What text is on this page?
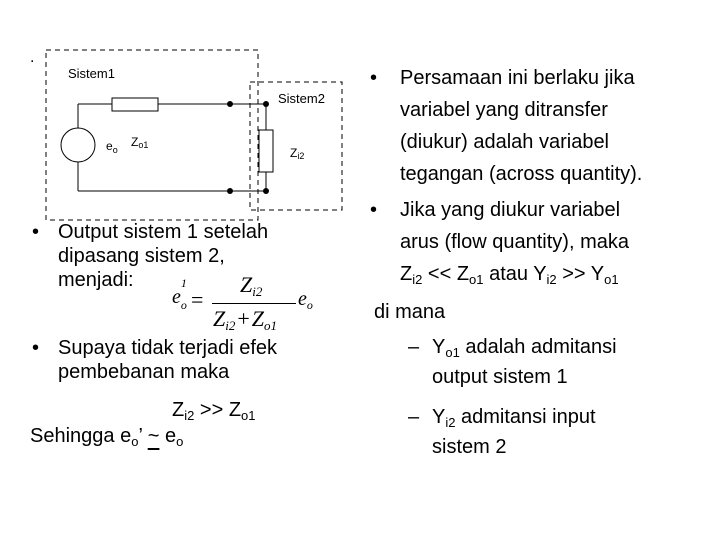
.
Sistem1
Sistem2
$e_o$
Zo1
Zi2
• Output sistem 1 setelah
dipasang sistem 2,
menjadi:
e
1
o =
$Z_{i2}$
$Z_{i2}+Z_{o1}$
$e_o$
• Supaya tidak terjadi efek
pembebanan maka
$Z_{i2} >> Z_{o1}$
Sehingga $e_o$’ ~ $e_o$
• Persamaan ini berlaku jika
variabel yang ditransfer
(diukur) adalah variabel
tegangan (across quantity).
• Jika yang diukur variabel
arus (flow quantity), maka
$Z_{i2} << Z_{o1}$ atau $Y_{i2} >> Y_{o1}$
di mana
– $Y_{o1}$ adalah admitansi
output sistem 1
– $Y_{i2}$ admitansi input
sistem 2
